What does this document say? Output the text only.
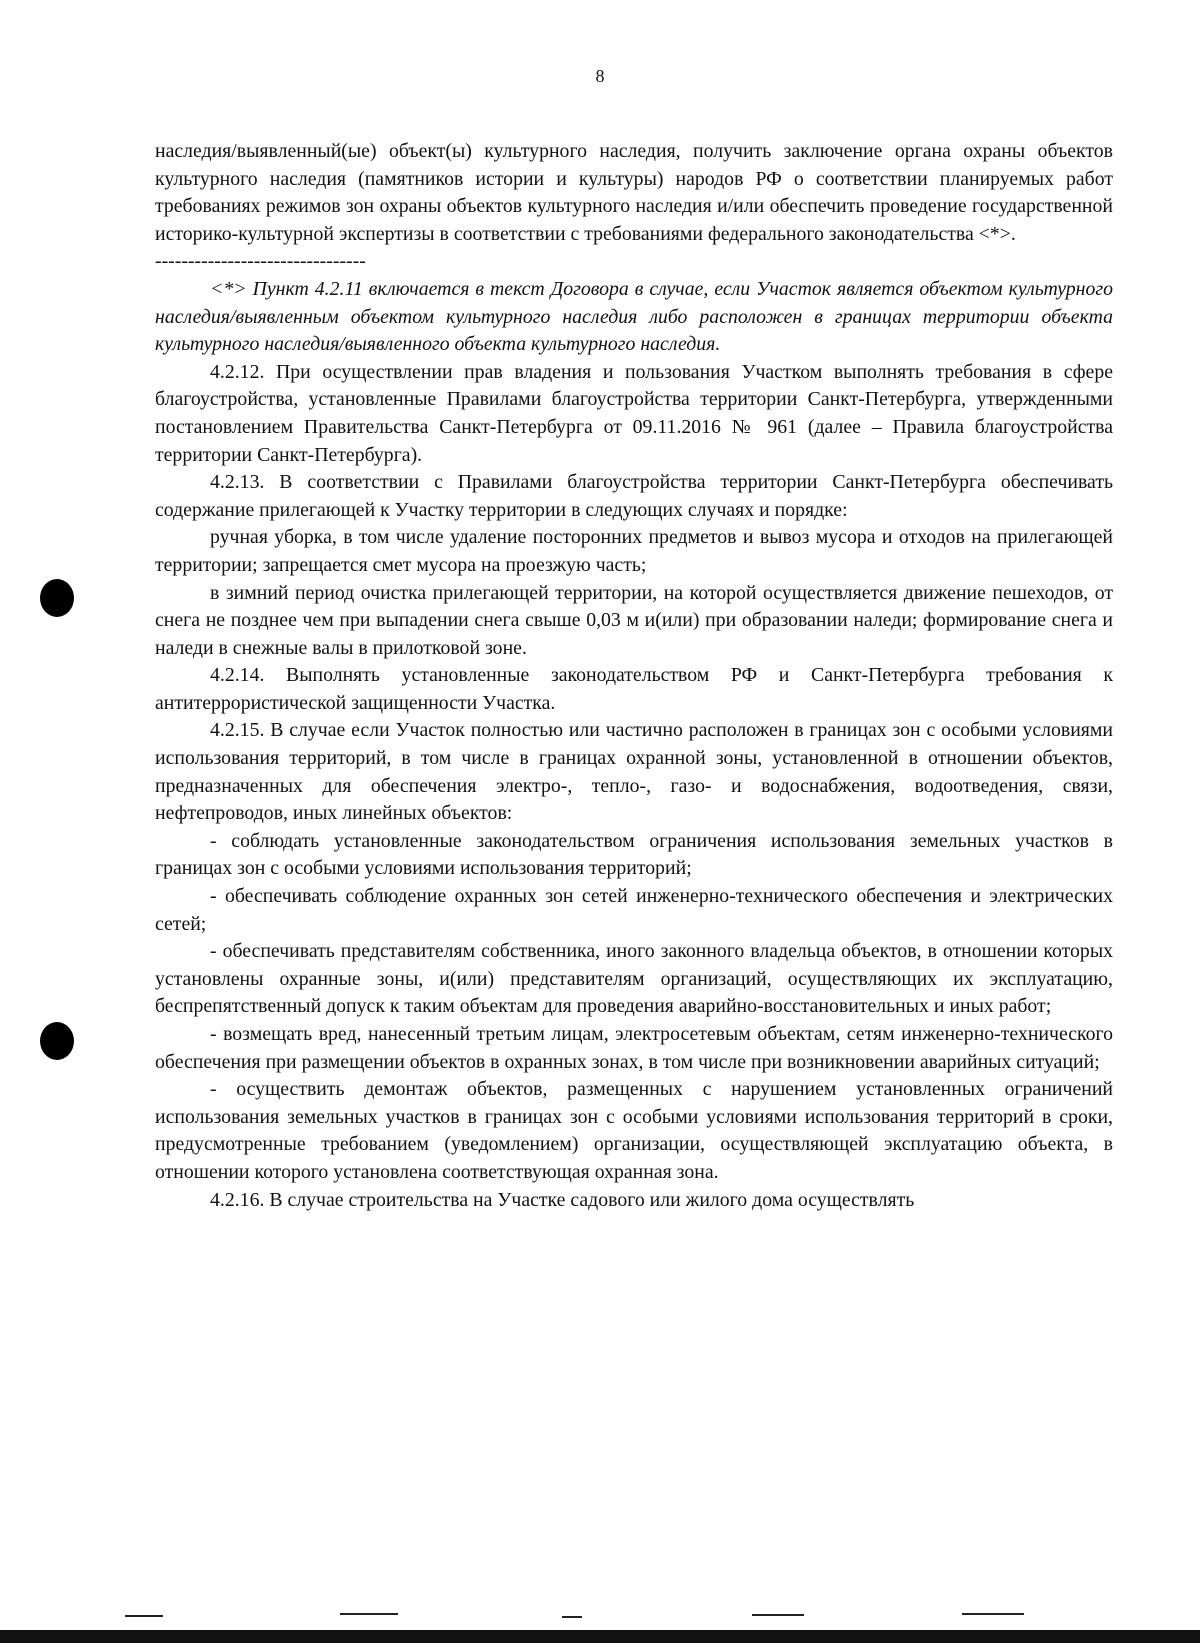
8

наследия/выявленный(ые) объект(ы) культурного наследия, получить заключение органа охраны объектов культурного наследия (памятников истории и культуры) народов РФ о соответствии планируемых работ требованиях режимов зон охраны объектов культурного наследия и/или обеспечить проведение государственной историко-культурной экспертизы в соответствии с требованиями федерального законодательства <*>.

--------------------------------

<*> Пункт 4.2.11 включается в текст Договора в случае, если Участок является объектом культурного наследия/выявленным объектом культурного наследия либо расположен в границах территории объекта культурного наследия/выявленного объекта культурного наследия.

4.2.12. При осуществлении прав владения и пользования Участком выполнять требования в сфере благоустройства, установленные Правилами благоустройства территории Санкт-Петербурга, утвержденными постановлением Правительства Санкт-Петербурга от 09.11.2016 № 961 (далее – Правила благоустройства территории Санкт-Петербурга).

4.2.13. В соответствии с Правилами благоустройства территории Санкт-Петербурга обеспечивать содержание прилегающей к Участку территории в следующих случаях и порядке:

ручная уборка, в том числе удаление посторонних предметов и вывоз мусора и отходов на прилегающей территории; запрещается смет мусора на проезжую часть;

в зимний период очистка прилегающей территории, на которой осуществляется движение пешеходов, от снега не позднее чем при выпадении снега свыше 0,03 м и(или) при образовании наледи; формирование снега и наледи в снежные валы в прилотковой зоне.

4.2.14. Выполнять установленные законодательством РФ и Санкт-Петербурга требования к антитеррористической защищенности Участка.

4.2.15. В случае если Участок полностью или частично расположен в границах зон с особыми условиями использования территорий, в том числе в границах охранной зоны, установленной в отношении объектов, предназначенных для обеспечения электро-, тепло-, газо- и водоснабжения, водоотведения, связи, нефтепроводов, иных линейных объектов:

- соблюдать установленные законодательством ограничения использования земельных участков в границах зон с особыми условиями использования территорий;

- обеспечивать соблюдение охранных зон сетей инженерно-технического обеспечения и электрических сетей;

- обеспечивать представителям собственника, иного законного владельца объектов, в отношении которых установлены охранные зоны, и(или) представителям организаций, осуществляющих их эксплуатацию, беспрепятственный допуск к таким объектам для проведения аварийно-восстановительных и иных работ;

- возмещать вред, нанесенный третьим лицам, электросетевым объектам, сетям инженерно-технического обеспечения при размещении объектов в охранных зонах, в том числе при возникновении аварийных ситуаций;

- осуществить демонтаж объектов, размещенных с нарушением установленных ограничений использования земельных участков в границах зон с особыми условиями использования территорий в сроки, предусмотренные требованием (уведомлением) организации, осуществляющей эксплуатацию объекта, в отношении которого установлена соответствующая охранная зона.

4.2.16. В случае строительства на Участке садового или жилого дома осуществлять
